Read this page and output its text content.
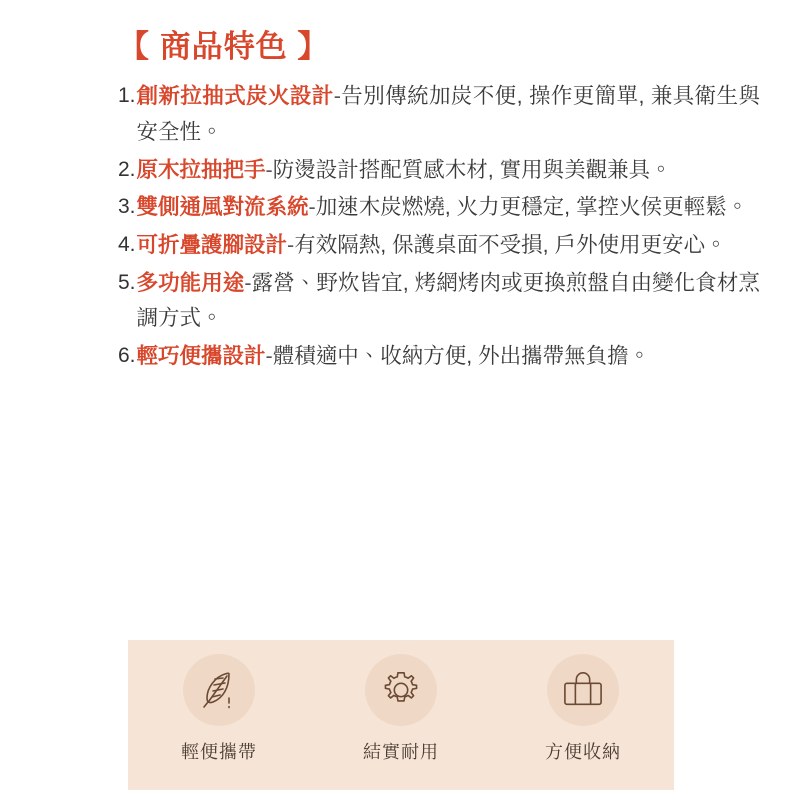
【 商品特色 】
1. 創新拉抽式炭火設計-告別傳統加炭不便, 操作更簡單, 兼具衛生與安全性。
2. 原木拉抽把手-防燙設計搭配質感木材, 實用與美觀兼具。
3. 雙側通風對流系統-加速木炭燃燒, 火力更穩定, 掌控火侯更輕鬆。
4. 可折疊護腳設計-有效隔熱, 保護桌面不受損, 戶外使用更安心。
5. 多功能用途-露營、野炊皆宜, 烤網烤肉或更換煎盤自由變化食材烹調方式。
6. 輕巧便攜設計-體積適中、收納方便, 外出攜帶無負擔。
輕便攜帶	結實耐用	方便收納
